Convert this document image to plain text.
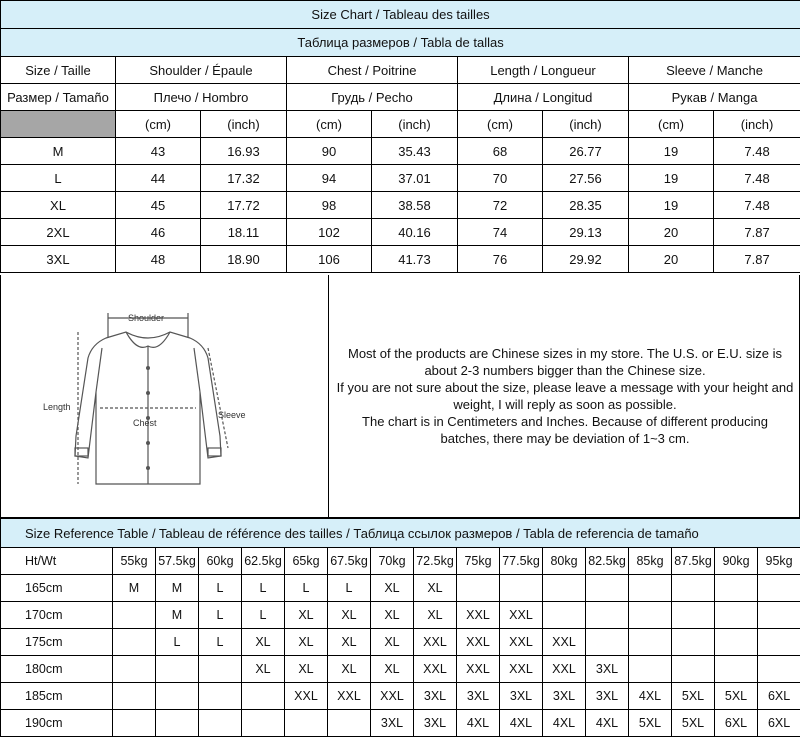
Size Chart / Tableau des tailles								
Таблица размеров / Tabla de tallas								
Size / Taille	Shoulder / Épaule		Chest / Poitrine		Length / Longueur		Sleeve / Manche	
Размер / Tamaño	Плечо / Hombro		Грудь / Pecho		Длина / Longitud		Рукав / Manga	
	(cm)	(inch)	(cm)	(inch)	(cm)	(inch)	(cm)	(inch)
M	43	16.93	90	35.43	68	26.77	19	7.48
L	44	17.32	94	37.01	70	27.56	19	7.48
XL	45	17.72	98	38.58	72	28.35	19	7.48
2XL	46	18.11	102	40.16	74	29.13	20	7.87
3XL	48	18.90	106	41.73	76	29.92	20	7.87
Shoulder
Length
Chest
Sleeve
Most of the products are Chinese sizes in my store. The U.S. or E.U. size is
about 2-3 numbers bigger than the Chinese size.
If you are not sure about the size, please leave a message with your height and
weight, I will reply as soon as possible.
The chart is in Centimeters and Inches. Because of different producing
batches, there may be deviation of 1~3 cm.
Size Reference Table / Tableau de référence des tailles / Таблица ссылок размеров / Tabla de referencia de tamaño																
Ht/Wt	55kg	57.5kg	60kg	62.5kg	65kg	67.5kg	70kg	72.5kg	75kg	77.5kg	80kg	82.5kg	85kg	87.5kg	90kg	95kg
165cm	M	M	L	L	L	L	XL	XL								
170cm		M	L	L	XL	XL	XL	XL	XXL	XXL						
175cm		L	L	XL	XL	XL	XL	XXL	XXL	XXL	XXL					
180cm				XL	XL	XL	XL	XXL	XXL	XXL	XXL	3XL				
185cm					XXL	XXL	XXL	3XL	3XL	3XL	3XL	3XL	4XL	5XL	5XL	6XL
190cm							3XL	3XL	4XL	4XL	4XL	4XL	5XL	5XL	6XL	6XL
